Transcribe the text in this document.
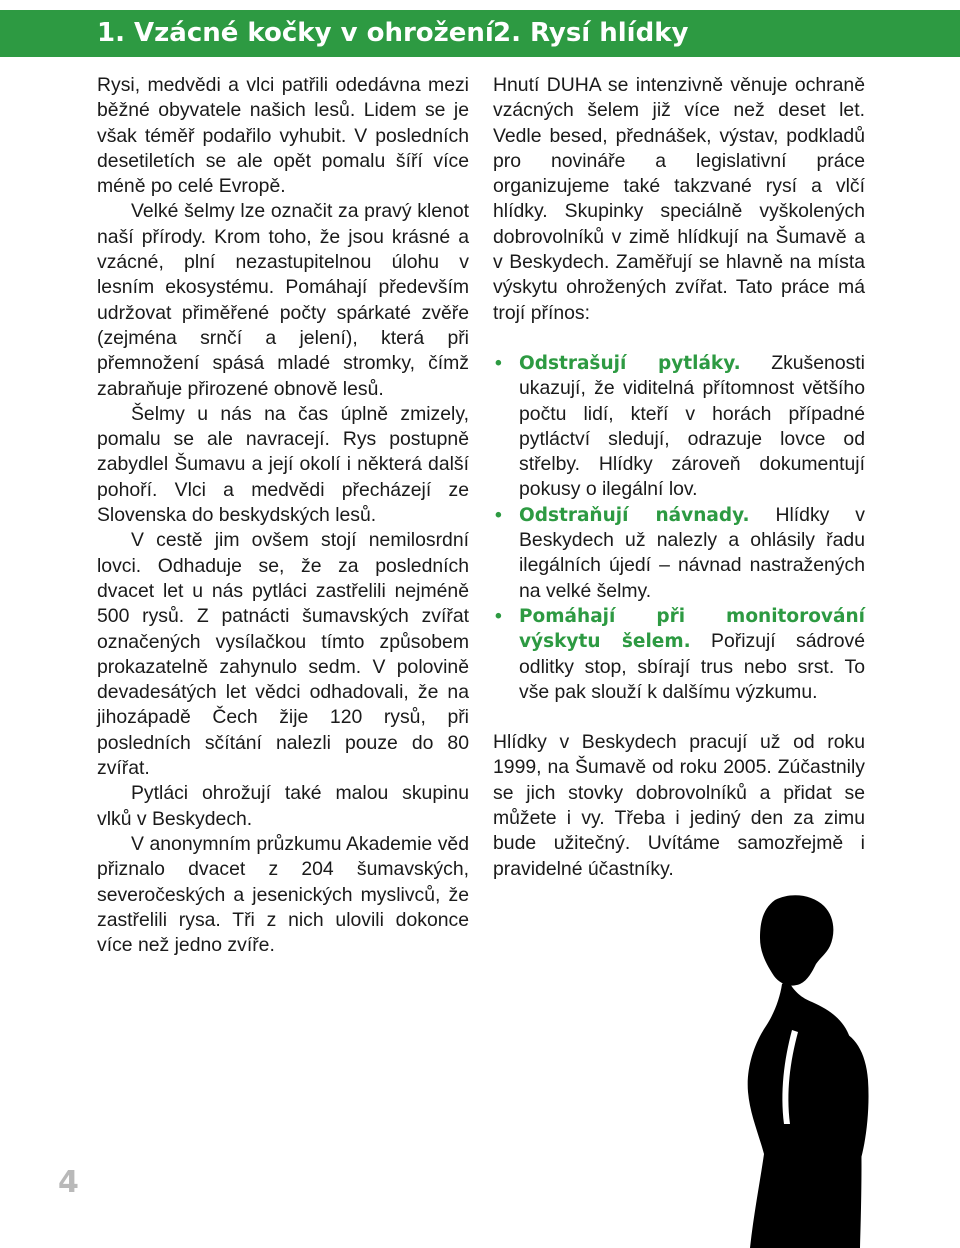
1. Vzácné kočky v ohrožení 2. Rysí hlídky

Rysi, medvědi a vlci patřili odedávna mezi běžné obyvatele našich lesů. Lidem se je však téměř podařilo vyhubit. V posledních desetiletích se ale opět pomalu šíří více méně po celé Evropě.

Velké šelmy lze označit za pravý klenot naší přírody. Krom toho, že jsou krásné a vzácné, plní nezastupitelnou úlohu v lesním ekosystému. Pomáhají především udržovat přiměřené počty spárkaté zvěře (zejména srnčí a jelení), která při přemnožení spásá mladé stromky, čímž zabraňuje přirozené obnově lesů.

Šelmy u nás na čas úplně zmizely, pomalu se ale navracejí. Rys postupně zabydlel Šumavu a její okolí i některá další pohoří. Vlci a medvědi přecházejí ze Slovenska do beskydských lesů.

V cestě jim ovšem stojí nemilosrdní lovci. Odhaduje se, že za posledních dvacet let u nás pytláci zastřelili nejméně 500 rysů. Z patnácti šumavských zvířat označených vysílačkou tímto způsobem prokazatelně zahynulo sedm. V polovině devadesátých let vědci odhadovali, že na jihozápadě Čech žije 120 rysů, při posledních sčítání nalezli pouze do 80 zvířat.

Pytláci ohrožují také malou skupinu vlků v Beskydech.

V anonymním průzkumu Akademie věd přiznalo dvacet z 204 šumavských, severočeských a jesenických myslivců, že zastřelili rysa. Tři z nich ulovili dokonce více než jedno zvíře.

Hnutí DUHA se intenzivně věnuje ochraně vzácných šelem již více než deset let. Vedle besed, přednášek, výstav, podkladů pro novináře a legislativní práce organizujeme také takzvané rysí a vlčí hlídky. Skupinky speciálně vyškolených dobrovolníků v zimě hlídkují na Šumavě a v Beskydech. Zaměřují se hlavně na místa výskytu ohrožených zvířat. Tato práce má trojí přínos:

• Odstrašují pytláky. Zkušenosti ukazují, že viditelná přítomnost většího počtu lidí, kteří v horách případné pytláctví sledují, odrazuje lovce od střelby. Hlídky zároveň dokumentují pokusy o ilegální lov.
• Odstraňují návnady. Hlídky v Beskydech už nalezly a ohlásily řadu ilegálních újedí – návnad nastražených na velké šelmy.
• Pomáhají při monitorování výskytu šelem. Pořizují sádrové odlitky stop, sbírají trus nebo srst. To vše pak slouží k dalšímu výzkumu.

Hlídky v Beskydech pracují už od roku 1999, na Šumavě od roku 2005. Zúčastnily se jich stovky dobrovolníků a přidat se můžete i vy. Třeba i jediný den za zimu bude užitečný. Uvítáme samozřejmě i pravidelné účastníky.

4
